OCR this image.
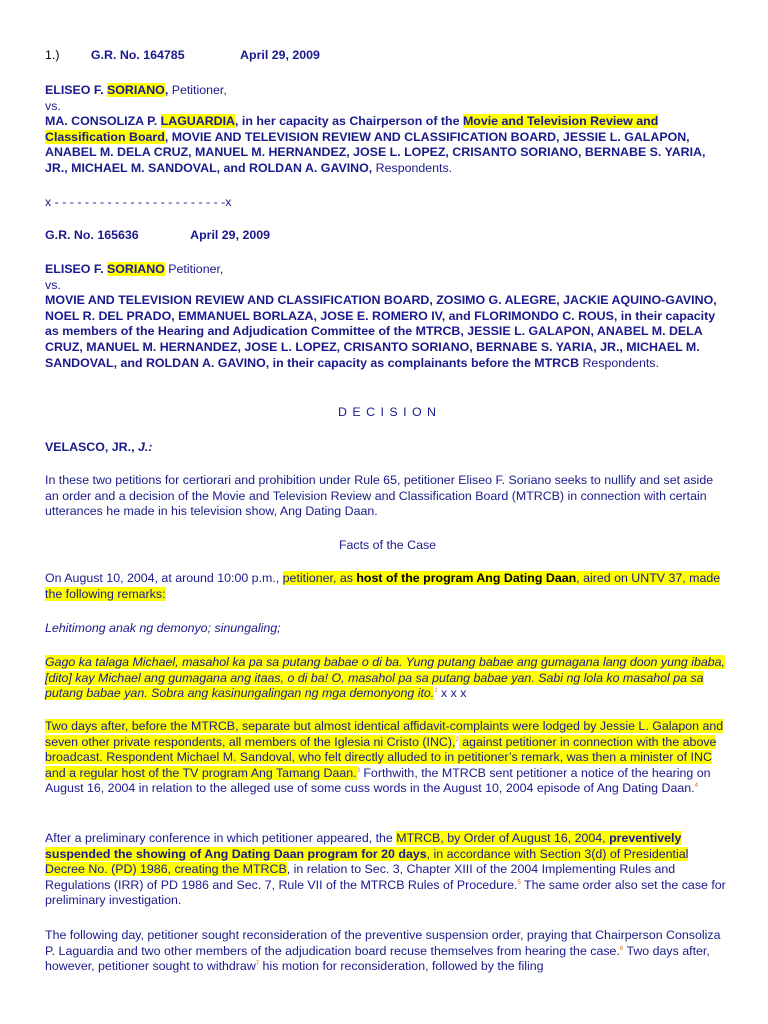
1.)	G.R. No. 164785	April 29, 2009

ELISEO F. SORIANO, Petitioner,

vs.

MA. CONSOLIZA P. LAGUARDIA, in her capacity as Chairperson of the Movie and Television Review and Classification Board, MOVIE AND TELEVISION REVIEW AND CLASSIFICATION BOARD, JESSIE L. GALAPON, ANABEL M. DELA CRUZ, MANUEL M. HERNANDEZ, JOSE L. LOPEZ, CRISANTO SORIANO, BERNABE S. YARIA, JR., MICHAEL M. SANDOVAL, and ROLDAN A. GAVINO, Respondents.

x - - - - - - - - - - - - - - - - - - - - - - -x
G.R. No. 165636	April 29, 2009

ELISEO F. SORIANO Petitioner,

vs.

MOVIE AND TELEVISION REVIEW AND CLASSIFICATION BOARD, ZOSIMO G. ALEGRE, JACKIE AQUINO-GAVINO, NOEL R. DEL PRADO, EMMANUEL BORLAZA, JOSE E. ROMERO IV, and FLORIMONDO C. ROUS, in their capacity as members of the Hearing and Adjudication Committee of the MTRCB, JESSIE L. GALAPON, ANABEL M. DELA CRUZ, MANUEL M. HERNANDEZ, JOSE L. LOPEZ, CRISANTO SORIANO, BERNABE S. YARIA, JR., MICHAEL M. SANDOVAL, and ROLDAN A. GAVINO, in their capacity as complainants before the MTRCB Respondents.

D E C I S I O N
VELASCO, JR., J.:
In these two petitions for certiorari and prohibition under Rule 65, petitioner Eliseo F. Soriano seeks to nullify and set aside an order and a decision of the Movie and Television Review and Classification Board (MTRCB) in connection with certain utterances he made in his television show, Ang Dating Daan.
Facts of the Case
On August 10, 2004, at around 10:00 p.m., petitioner, as host of the program Ang Dating Daan, aired on UNTV 37, made the following remarks:
Lehitimong anak ng demonyo; sinungaling;
Gago ka talaga Michael, masahol ka pa sa putang babae o di ba. Yung putang babae ang gumagana lang doon yung ibaba, [dito] kay Michael ang gumagana ang itaas, o di ba! O, masahol pa sa putang babae yan. Sabi ng lola ko masahol pa sa putang babae yan. Sobra ang kasinungalingan ng mga demonyong ito.$^1$ x x x
Two days after, before the MTRCB, separate but almost identical affidavit-complaints were lodged by Jessie L. Galapon and seven other private respondents, all members of the Iglesia ni Cristo (INC),$^2$ against petitioner in connection with the above broadcast. Respondent Michael M. Sandoval, who felt directly alluded to in petitioner’s remark, was then a minister of INC and a regular host of the TV program Ang Tamang Daan.$^3$ Forthwith, the MTRCB sent petitioner a notice of the hearing on August 16, 2004 in relation to the alleged use of some cuss words in the August 10, 2004 episode of Ang Dating Daan.$^4$
After a preliminary conference in which petitioner appeared, the MTRCB, by Order of August 16, 2004, preventively suspended the showing of Ang Dating Daan program for 20 days, in accordance with Section 3(d) of Presidential Decree No. (PD) 1986, creating the MTRCB, in relation to Sec. 3, Chapter XIII of the 2004 Implementing Rules and Regulations (IRR) of PD 1986 and Sec. 7, Rule VII of the MTRCB Rules of Procedure.$^5$ The same order also set the case for preliminary investigation.
The following day, petitioner sought reconsideration of the preventive suspension order, praying that Chairperson Consoliza P. Laguardia and two other members of the adjudication board recuse themselves from hearing the case.$^6$ Two days after, however, petitioner sought to withdraw$^7$ his motion for reconsideration, followed by the filing
